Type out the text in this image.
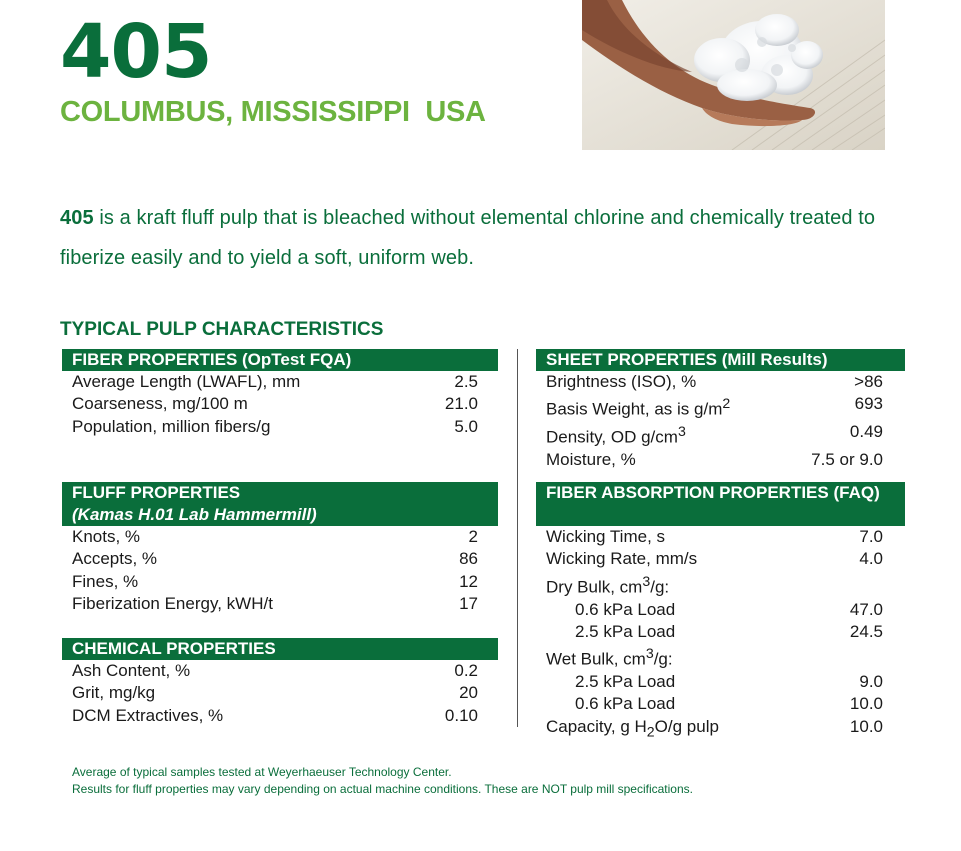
405
COLUMBUS, MISSISSIPPI  USA

405 is a kraft fluff pulp that is bleached without elemental chlorine and chemically treated to fiberize easily and to yield a soft, uniform web.

TYPICAL PULP CHARACTERISTICS
FIBER PROPERTIES (OpTest FQA)
Average Length (LWAFL), mm	2.5
Coarseness, mg/100 m	21.0
Population, million fibers/g	5.0
SHEET PROPERTIES (Mill Results)
Brightness (ISO), %	>86
Basis Weight, as is $g/m^2$	693
Density, OD $g/cm^3$	0.49
Moisture, %	7.5 or 9.0
FLUFF PROPERTIES
(Kamas H.01 Lab Hammermill)
Knots, %	2
Accepts, %	86
Fines, %	12
Fiberization Energy, kWH/t	17
FIBER ABSORPTION PROPERTIES (FAQ)
Wicking Time, s	7.0
Wicking Rate, mm/s	4.0
Dry Bulk, $cm^3/g$:
0.6 kPa Load	47.0
2.5 kPa Load	24.5
Wet Bulk, $cm^3/g$:
2.5 kPa Load	9.0
0.6 kPa Load	10.0
Capacity, g $H_2O/g$ pulp	10.0
CHEMICAL PROPERTIES
Ash Content, %	0.2
Grit, mg/kg	20
DCM Extractives, %	0.10

Average of typical samples tested at Weyerhaeuser Technology Center.

Results for fluff properties may vary depending on actual machine conditions. These are NOT pulp mill specifications.
